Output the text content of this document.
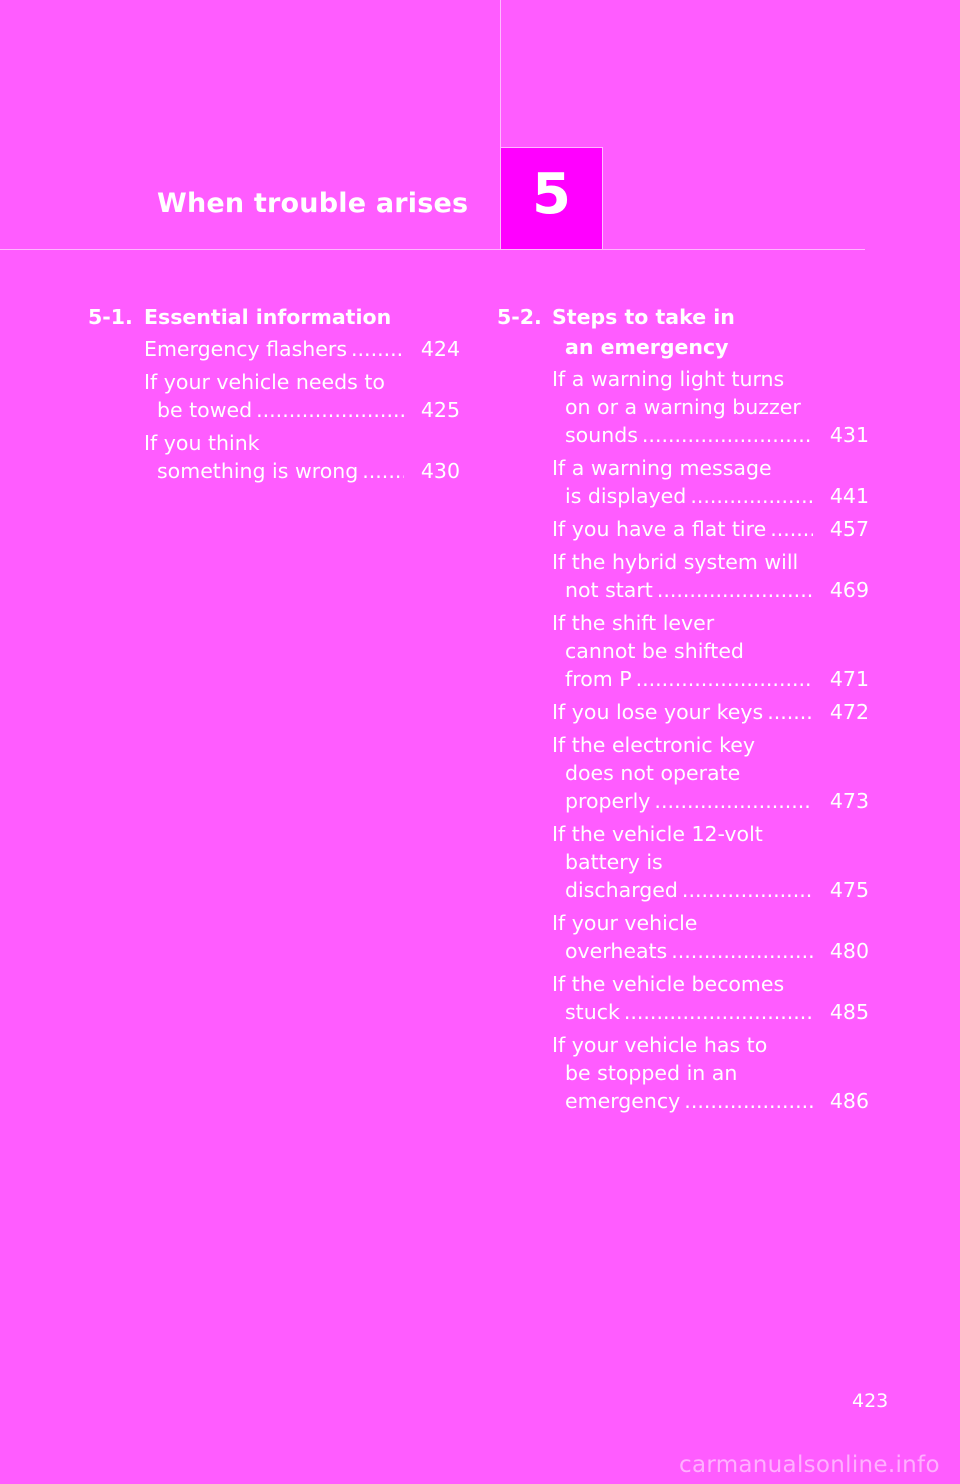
When trouble arises 5
5-1. Essential information
Emergency flashers .....	424
If your vehicle needs to be towed .....	425
If you think something is wrong .....	430
5-2. Steps to take in an emergency
If a warning light turns on or a warning buzzer sounds .....	431
If a warning message is displayed .....	441
If you have a flat tire .....	457
If the hybrid system will not start .....	469
If the shift lever cannot be shifted from P .....	471
If you lose your keys .....	472
If the electronic key does not operate properly .....	473
If the vehicle 12-volt battery is discharged .....	475
If your vehicle overheats .....	480
If the vehicle becomes stuck .....	485
If your vehicle has to be stopped in an emergency .....	486
423
carmanualsonline.info
